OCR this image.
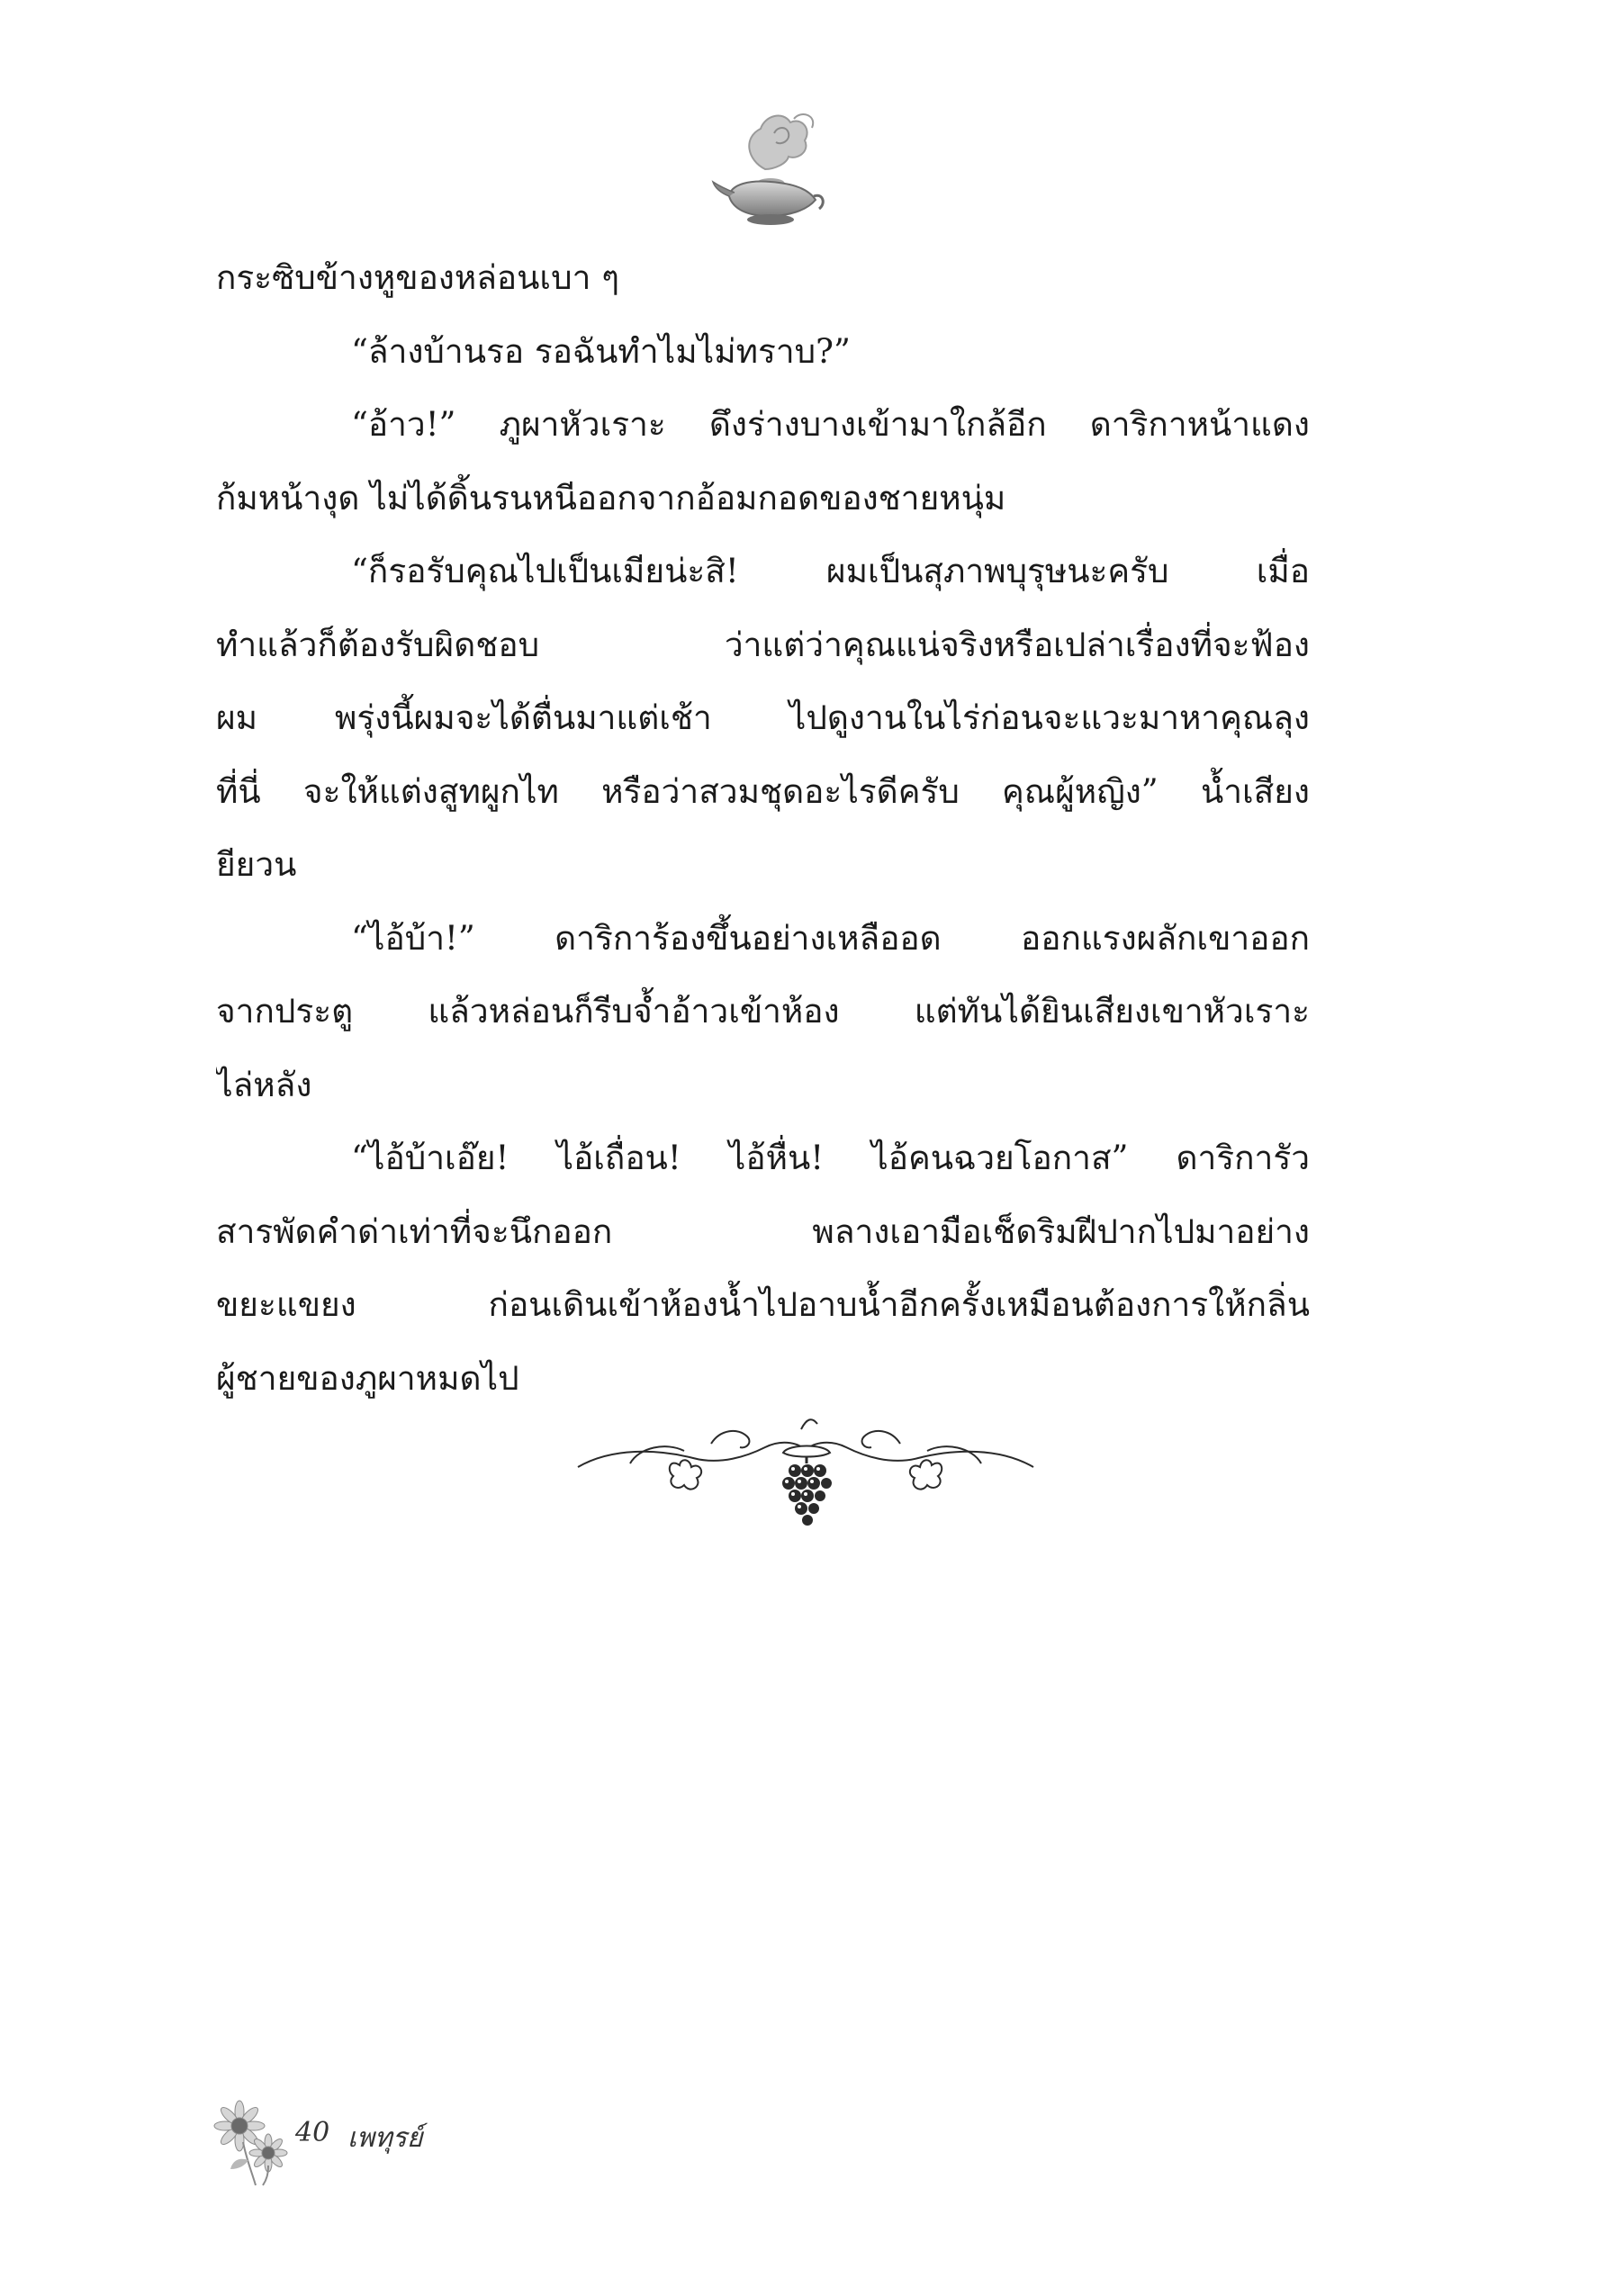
กระซิบข้างหูของหล่อนเบา ๆ
“ล้างบ้านรอ รอฉันทำไมไม่ทราบ?”
“อ้าว!” ภูผาหัวเราะ ดึงร่างบางเข้ามาใกล้อีก ดาริกาหน้าแดง
ก้มหน้างุด ไม่ได้ดิ้นรนหนีออกจากอ้อมกอดของชายหนุ่ม
“ก็รอรับคุณไปเป็นเมียน่ะสิ! ผมเป็นสุภาพบุรุษนะครับ เมื่อ
ทำแล้วก็ต้องรับผิดชอบ ว่าแต่ว่าคุณแน่จริงหรือเปล่าเรื่องที่จะฟ้อง
ผม พรุ่งนี้ผมจะได้ตื่นมาแต่เช้า ไปดูงานในไร่ก่อนจะแวะมาหาคุณลุง
ที่นี่ จะให้แต่งสูทผูกไท หรือว่าสวมชุดอะไรดีครับ คุณผู้หญิง” น้ำเสียง
ยียวน
“ไอ้บ้า!” ดาริการ้องขึ้นอย่างเหลืออด ออกแรงผลักเขาออก
จากประตู แล้วหล่อนก็รีบจ้ำอ้าวเข้าห้อง แต่ทันได้ยินเสียงเขาหัวเราะ
ไล่หลัง
“ไอ้บ้าเอ๊ย! ไอ้เถื่อน! ไอ้หื่น! ไอ้คนฉวยโอกาส” ดาริการัว
สารพัดคำด่าเท่าที่จะนึกออก พลางเอามือเช็ดริมฝีปากไปมาอย่าง
ขยะแขยง ก่อนเดินเข้าห้องน้ำไปอาบน้ำอีกครั้งเหมือนต้องการให้กลิ่น
ผู้ชายของภูผาหมดไป
40 เพทุรย์
